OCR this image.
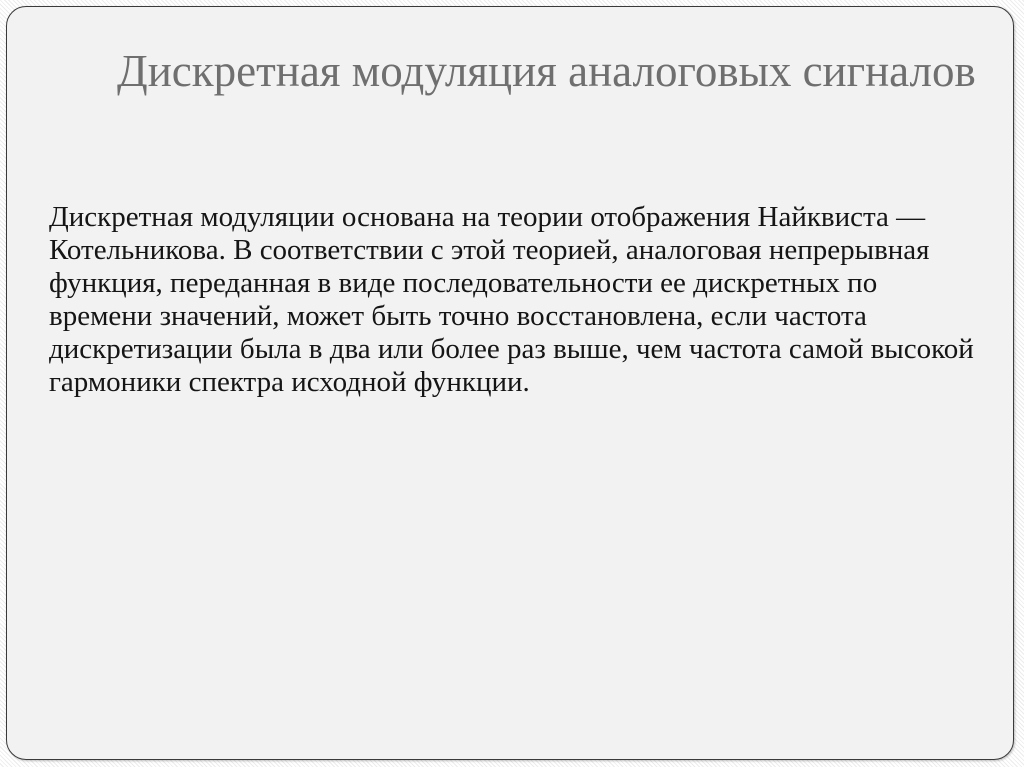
Дискретная модуляция аналоговых сигналов

Дискретная модуляции основана на теории отображения Найквиста — Котельникова. В соответствии с этой теорией, аналоговая непрерывная функция, переданная в виде последовательности ее дискретных по времени значений, может быть точно восстановлена, если частота дискретизации была в два или более раз выше, чем частота самой высокой гармоники спектра исходной функции.
